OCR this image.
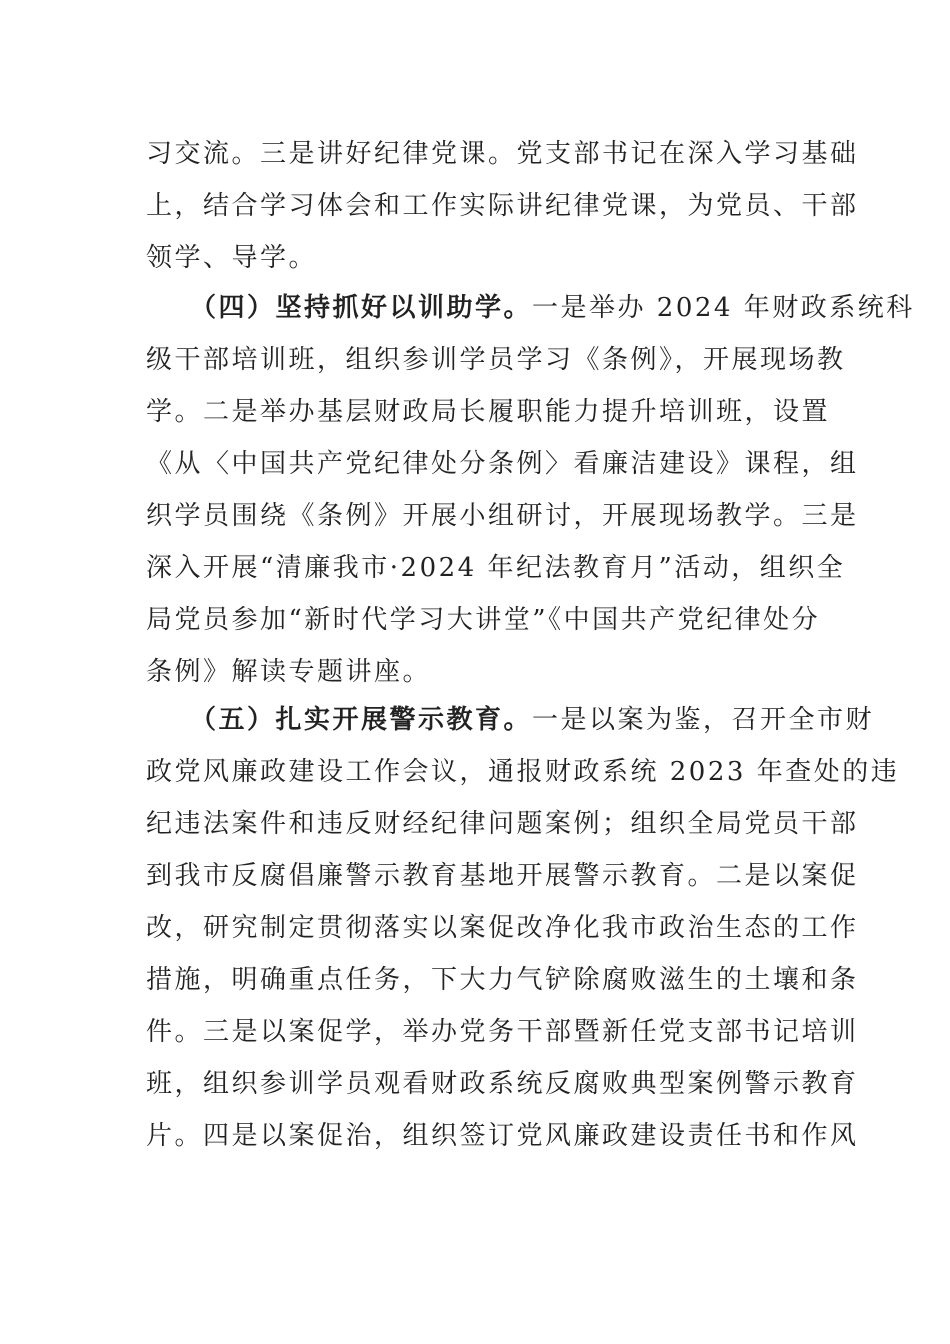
习交流。三是讲好纪律党课。党支部书记在深入学习基础
上，结合学习体会和工作实际讲纪律党课，为党员、干部
领学、导学。
　　（四）坚持抓好以训助学。一是举办 2024 年财政系统科
级干部培训班，组织参训学员学习《条例》，开展现场教
学。二是举办基层财政局长履职能力提升培训班，设置
《从〈中国共产党纪律处分条例〉看廉洁建设》课程，组
织学员围绕《条例》开展小组研讨，开展现场教学。三是
深入开展“清廉我市·2024 年纪法教育月”活动，组织全
局党员参加“新时代学习大讲堂”《中国共产党纪律处分
条例》解读专题讲座。
　　（五）扎实开展警示教育。一是以案为鉴，召开全市财
政党风廉政建设工作会议，通报财政系统 2023 年查处的违
纪违法案件和违反财经纪律问题案例；组织全局党员干部
到我市反腐倡廉警示教育基地开展警示教育。二是以案促
改，研究制定贯彻落实以案促改净化我市政治生态的工作
措施，明确重点任务，下大力气铲除腐败滋生的土壤和条
件。三是以案促学，举办党务干部暨新任党支部书记培训
班，组织参训学员观看财政系统反腐败典型案例警示教育
片。四是以案促治，组织签订党风廉政建设责任书和作风
